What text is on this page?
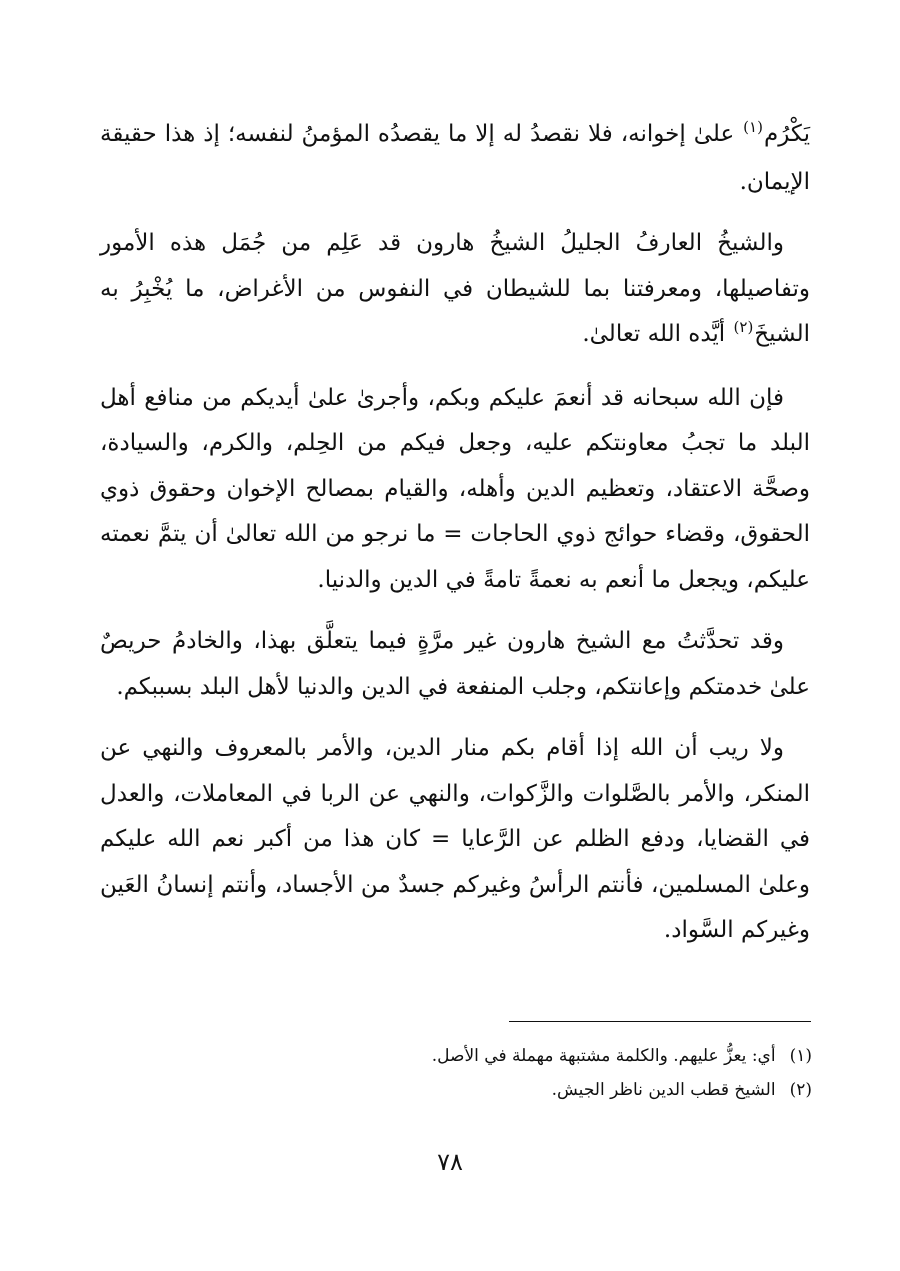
يَكْرُم$^{(١)}$ علىٰ إخوانه، فلا نقصدُ له إلا ما يقصدُه المؤمنُ لنفسه؛ إذ هذا حقيقة الإيمان.

والشيخُ العارفُ الجليلُ الشيخُ هارون قد عَلِم من جُمَل هذه الأمور وتفاصيلها، ومعرفتنا بما للشيطان في النفوس من الأغراض، ما يُخْبِرُ به الشيخَ$^{(٢)}$ أيَّده الله تعالىٰ.

فإن الله سبحانه قد أنعمَ عليكم وبكم، وأجرىٰ علىٰ أيديكم من منافع أهل البلد ما تجبُ معاونتكم عليه، وجعل فيكم من الحِلم، والكرم، والسيادة، وصحَّة الاعتقاد، وتعظيم الدين وأهله، والقيام بمصالح الإخوان وحقوق ذوي الحقوق، وقضاء حوائج ذوي الحاجات = ما نرجو من الله تعالىٰ أن يتمَّ نعمته عليكم، ويجعل ما أنعم به نعمةً تامةً في الدين والدنيا.

وقد تحدَّثتُ مع الشيخ هارون غير مرَّةٍ فيما يتعلَّق بهذا، والخادمُ حريصٌ علىٰ خدمتكم وإعانتكم، وجلب المنفعة في الدين والدنيا لأهل البلد بسببكم.

ولا ريب أن الله إذا أقام بكم منار الدين، والأمر بالمعروف والنهي عن المنكر، والأمر بالصَّلوات والزَّكوات، والنهي عن الربا في المعاملات، والعدل في القضايا، ودفع الظلم عن الرَّعايا = كان هذا من أكبر نعم الله عليكم وعلىٰ المسلمين، فأنتم الرأسُ وغيركم جسدٌ من الأجساد، وأنتم إنسانُ العَين وغيركم السَّواد.

(١)أي: يعزُّ عليهم. والكلمة مشتبهة مهملة في الأصل.
(٢)الشيخ قطب الدين ناظر الجيش.
٧٨
